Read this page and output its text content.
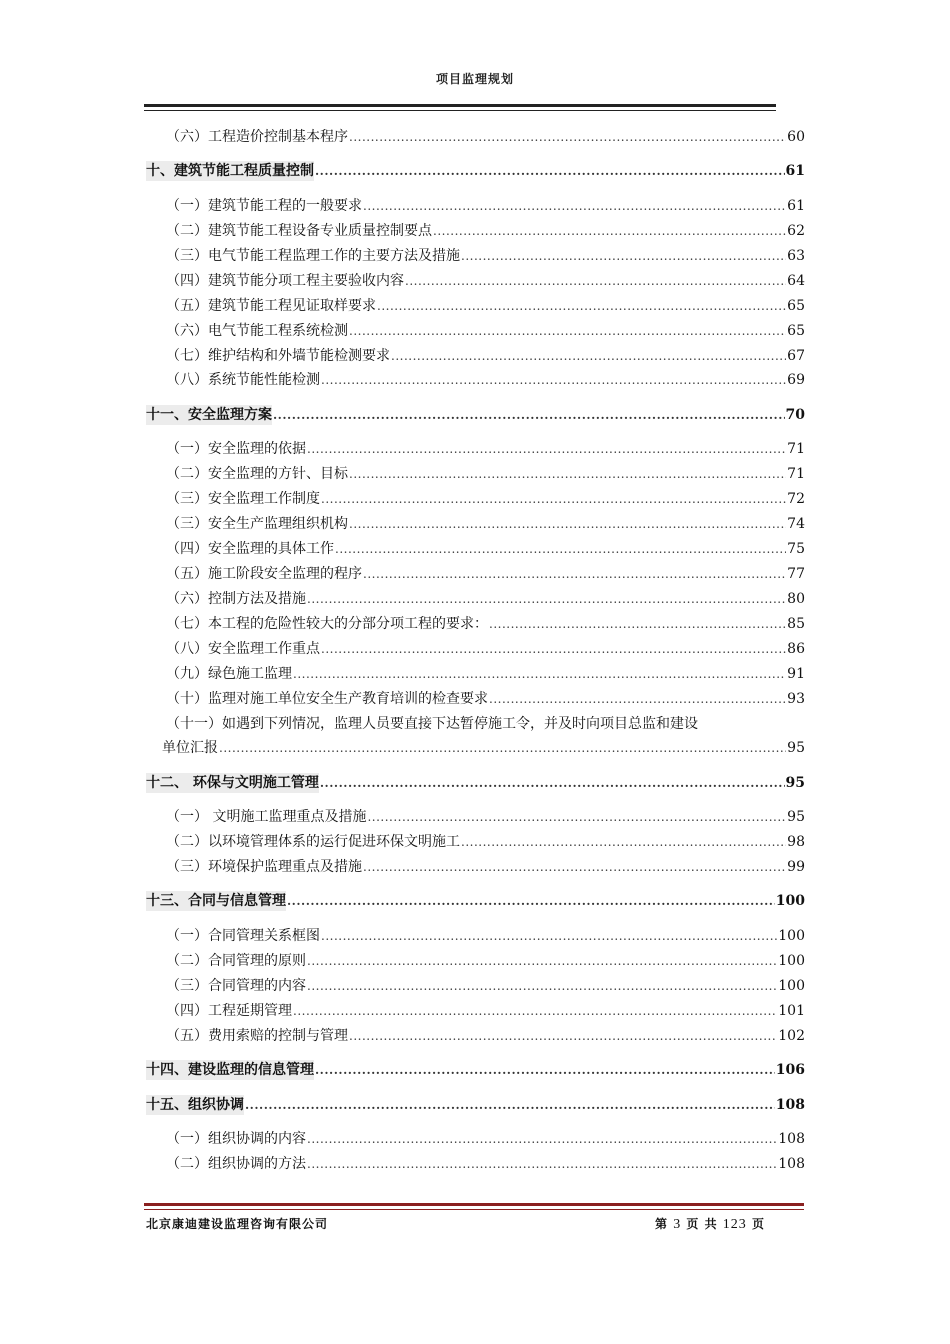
项目监理规划
（六）工程造价控制基本程序 .....	60
十、建筑节能工程质量控制 .....	61
（一）建筑节能工程的一般要求 .....	61
（二）建筑节能工程设备专业质量控制要点 .....	62
（三）电气节能工程监理工作的主要方法及措施 .....	63
（四）建筑节能分项工程主要验收内容 .....	64
（五）建筑节能工程见证取样要求 .....	65
（六）电气节能工程系统检测 .....	65
（七）维护结构和外墙节能检测要求 .....	67
（八）系统节能性能检测 .....	69
十一、安全监理方案 .....	70
（一）安全监理的依据 .....	71
（二）安全监理的方针、目标 .....	71
（三）安全监理工作制度 .....	72
（三）安全生产监理组织机构 .....	74
（四）安全监理的具体工作 .....	75
（五）施工阶段安全监理的程序 .....	77
（六）控制方法及措施 .....	80
（七）本工程的危险性较大的分部分项工程的要求： .....	85
（八）安全监理工作重点 .....	86
（九）绿色施工监理 .....	91
（十）监理对施工单位安全生产教育培训的检查要求 .....	93
（十一）如遇到下列情况，监理人员要直接下达暂停施工令，并及时向项目总监和建设
单位汇报 .....	95
十二、 环保与文明施工管理 .....	95
（一） 文明施工监理重点及措施 .....	95
（二）以环境管理体系的运行促进环保文明施工 .....	98
（三）环境保护监理重点及措施 .....	99
十三、合同与信息管理 .....	100
（一）合同管理关系框图 .....	100
（二）合同管理的原则 .....	100
（三）合同管理的内容 .....	100
（四）工程延期管理 .....	101
（五）费用索赔的控制与管理 .....	102
十四、建设监理的信息管理 .....	106
十五、组织协调 .....	108
（一）组织协调的内容 .....	108
（二）组织协调的方法 .....	108
北京康迪建设监理咨询有限公司	第 3 页 共 123 页
